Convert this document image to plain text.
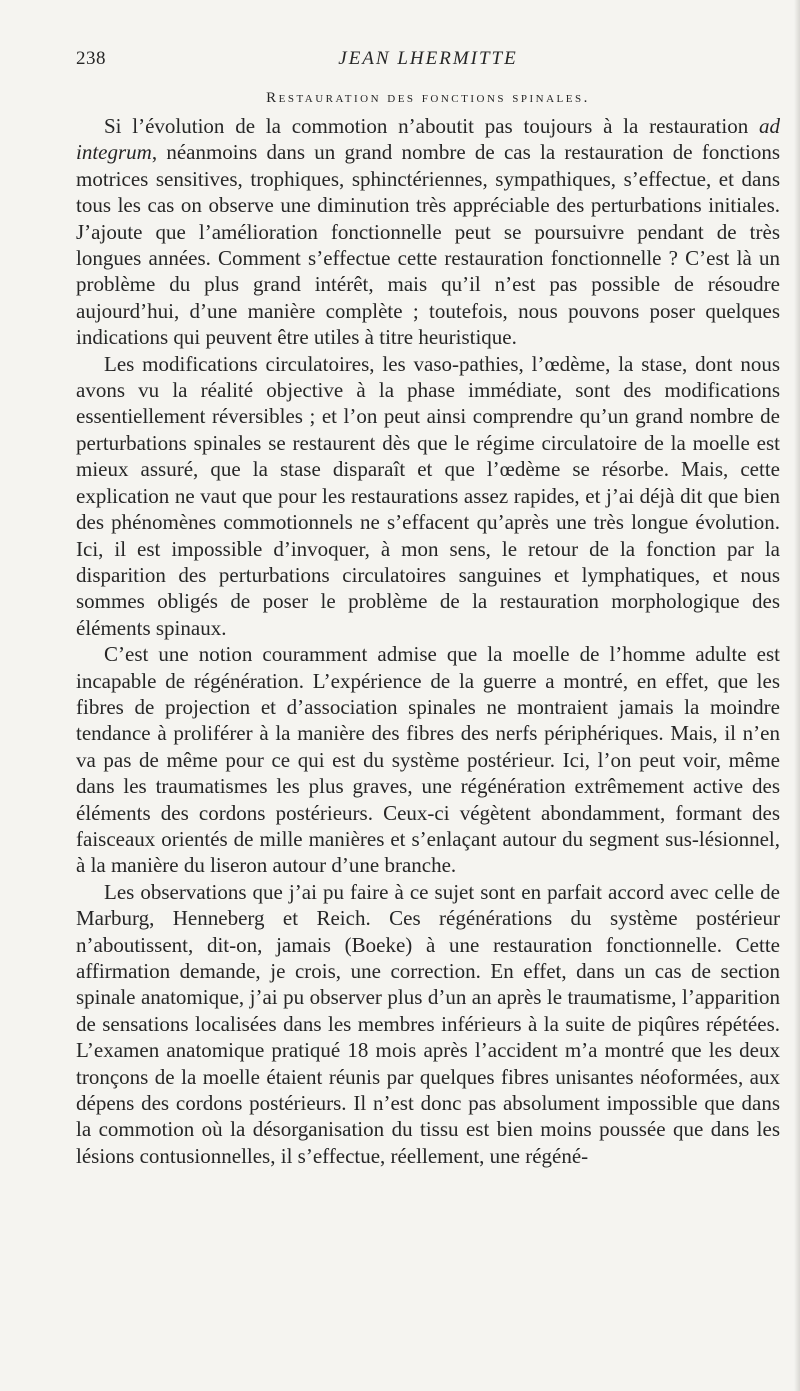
238	JEAN LHERMITTE
Restauration des fonctions spinales.

Si l’évolution de la commotion n’aboutit pas toujours à la restauration ad integrum, néanmoins dans un grand nombre de cas la restauration de fonctions motrices sensitives, trophiques, sphinctériennes, sympathiques, s’effectue, et dans tous les cas on observe une diminution très appréciable des perturbations initiales. J’ajoute que l’amélioration fonctionnelle peut se poursuivre pendant de très longues années. Comment s’effectue cette restauration fonctionnelle ? C’est là un problème du plus grand intérêt, mais qu’il n’est pas possible de résoudre aujourd’hui, d’une manière complète ; toutefois, nous pouvons poser quelques indications qui peuvent être utiles à titre heuristique.

Les modifications circulatoires, les vaso-pathies, l’œdème, la stase, dont nous avons vu la réalité objective à la phase immédiate, sont des modifications essentiellement réversibles ; et l’on peut ainsi comprendre qu’un grand nombre de perturbations spinales se restaurent dès que le régime circulatoire de la moelle est mieux assuré, que la stase disparaît et que l’œdème se résorbe. Mais, cette explication ne vaut que pour les restaurations assez rapides, et j’ai déjà dit que bien des phénomènes commotionnels ne s’effacent qu’après une très longue évolution. Ici, il est impossible d’invoquer, à mon sens, le retour de la fonction par la disparition des perturbations circulatoires sanguines et lymphatiques, et nous sommes obligés de poser le problème de la restauration morphologique des éléments spinaux.

C’est une notion couramment admise que la moelle de l’homme adulte est incapable de régénération. L’expérience de la guerre a montré, en effet, que les fibres de projection et d’association spinales ne montraient jamais la moindre tendance à proliférer à la manière des fibres des nerfs périphériques. Mais, il n’en va pas de même pour ce qui est du système postérieur. Ici, l’on peut voir, même dans les traumatismes les plus graves, une régénération extrêmement active des éléments des cordons postérieurs. Ceux-ci végètent abondamment, formant des faisceaux orientés de mille manières et s’enlaçant autour du segment sus-lésionnel, à la manière du liseron autour d’une branche.

Les observations que j’ai pu faire à ce sujet sont en parfait accord avec celle de Marburg, Henneberg et Reich. Ces régénérations du système postérieur n’aboutissent, dit-on, jamais (Boeke) à une restauration fonctionnelle. Cette affirmation demande, je crois, une correction. En effet, dans un cas de section spinale anatomique, j’ai pu observer plus d’un an après le traumatisme, l’apparition de sensations localisées dans les membres inférieurs à la suite de piqûres répétées. L’examen anatomique pratiqué 18 mois après l’accident m’a montré que les deux tronçons de la moelle étaient réunis par quelques fibres unisantes néoformées, aux dépens des cordons postérieurs. Il n’est donc pas absolument impossible que dans la commotion où la désorganisation du tissu est bien moins poussée que dans les lésions contusionnelles, il s’effectue, réellement, une régéné-
